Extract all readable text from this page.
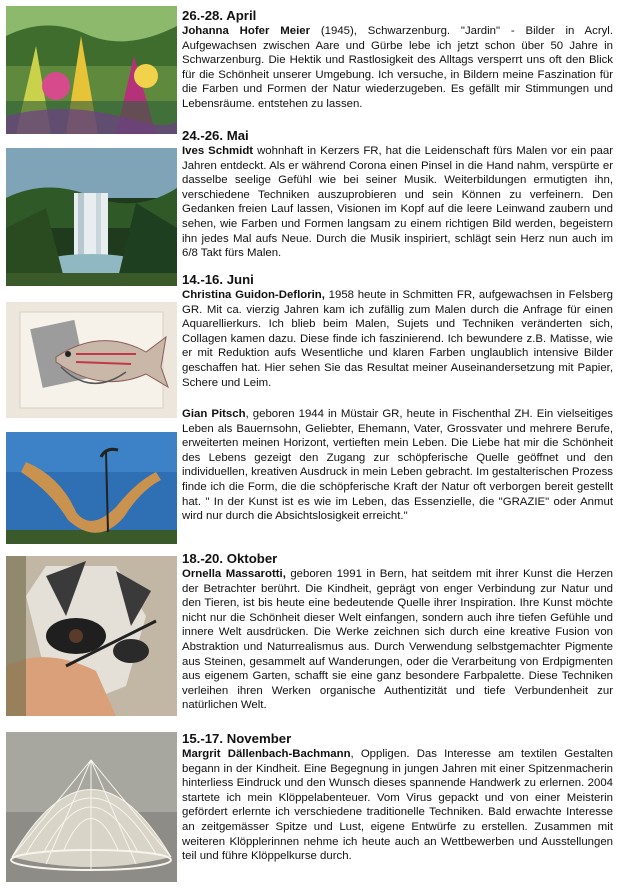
26.-28. April
Johanna Hofer Meier (1945), Schwarzenburg. "Jardin" - Bilder in Acryl. Aufgewachsen zwischen Aare und Gürbe lebe ich jetzt schon über 50 Jahre in Schwarzenburg. Die Hektik und Rastlosigkeit des Alltags versperrt uns oft den Blick für die Schönheit unserer Umgebung. Ich versuche, in Bildern meine Faszination für die Farben und Formen der Natur wiederzugeben. Es gefällt mir Stimmungen und Lebensräume. entstehen zu lassen.
24.-26. Mai
Ives Schmidt wohnhaft in Kerzers FR, hat die Leidenschaft fürs Malen vor ein paar Jahren entdeckt. Als er während Corona einen Pinsel in die Hand nahm, verspürte er dasselbe seelige Gefühl wie bei seiner Musik. Weiterbildungen ermutigten ihn, verschiedene Techniken auszuprobieren und sein Können zu verfeinern. Den Gedanken freien Lauf lassen, Visionen im Kopf auf die leere Leinwand zaubern und sehen, wie Farben und Formen langsam zu einem richtigen Bild werden, begeistern ihn jedes Mal aufs Neue. Durch die Musik inspiriert, schlägt sein Herz nun auch im 6/8 Takt fürs Malen.
14.-16. Juni
Christina Guidon-Deflorin, 1958 heute in Schmitten FR, aufgewachsen in Felsberg GR. Mit ca. vierzig Jahren kam ich zufällig zum Malen durch die Anfrage für einen Aquarellierkurs. Ich blieb beim Malen, Sujets und Techniken veränderten sich, Collagen kamen dazu. Diese finde ich faszinierend. Ich bewundere z.B. Matisse, wie er mit Reduktion aufs Wesentliche und klaren Farben unglaublich intensive Bilder geschaffen hat. Hier sehen Sie das Resultat meiner Auseinandersetzung mit Papier, Schere und Leim.
Gian Pitsch, geboren 1944 in Müstair GR, heute in Fischenthal ZH. Ein vielseitiges Leben als Bauernsohn, Geliebter, Ehemann, Vater, Grossvater und mehrere Berufe, erweiterten meinen Horizont, vertieften mein Leben. Die Liebe hat mir die Schönheit des Lebens gezeigt den Zugang zur schöpferische Quelle geöffnet und den individuellen, kreativen Ausdruck in mein Leben gebracht. Im gestalterischen Prozess finde ich die Form, die die schöpferische Kraft der Natur oft verborgen bereit gestellt hat. " In der Kunst ist es wie im Leben, das Essenzielle, die "GRAZIE" oder Anmut wird nur durch die Absichtslosigkeit erreicht."
18.-20. Oktober
Ornella Massarotti, geboren 1991 in Bern, hat seitdem mit ihrer Kunst die Herzen der Betrachter berührt. Die Kindheit, geprägt von enger Verbindung zur Natur und den Tieren, ist bis heute eine bedeutende Quelle ihrer Inspiration. Ihre Kunst möchte nicht nur die Schönheit dieser Welt einfangen, sondern auch ihre tiefen Gefühle und innere Welt ausdrücken. Die Werke zeichnen sich durch eine kreative Fusion von Abstraktion und Naturrealismus aus. Durch Verwendung selbstgemachter Pigmente aus Steinen, gesammelt auf Wanderungen, oder die Verarbeitung von Erdpigmenten aus eigenem Garten, schafft sie eine ganz besondere Farbpalette. Diese Techniken verleihen ihren Werken organische Authentizität und tiefe Verbundenheit zur natürlichen Welt.
15.-17. November
Margrit Dällenbach-Bachmann, Oppligen. Das Interesse am textilen Gestalten begann in der Kindheit. Eine Begegnung in jungen Jahren mit einer Spitzenmacherin hinterliess Eindruck und den Wunsch dieses spannende Handwerk zu erlernen. 2004 startete ich mein Klöppelabenteuer. Vom Virus gepackt und von einer Meisterin gefördert erlernte ich verschiedene traditionelle Techniken. Bald erwachte Interesse an zeitgemässer Spitze und Lust, eigene Entwürfe zu erstellen. Zusammen mit weiteren Klöpplerinnen nehme ich heute auch an Wettbewerben und Ausstellungen teil und führe Klöppelkurse durch.
